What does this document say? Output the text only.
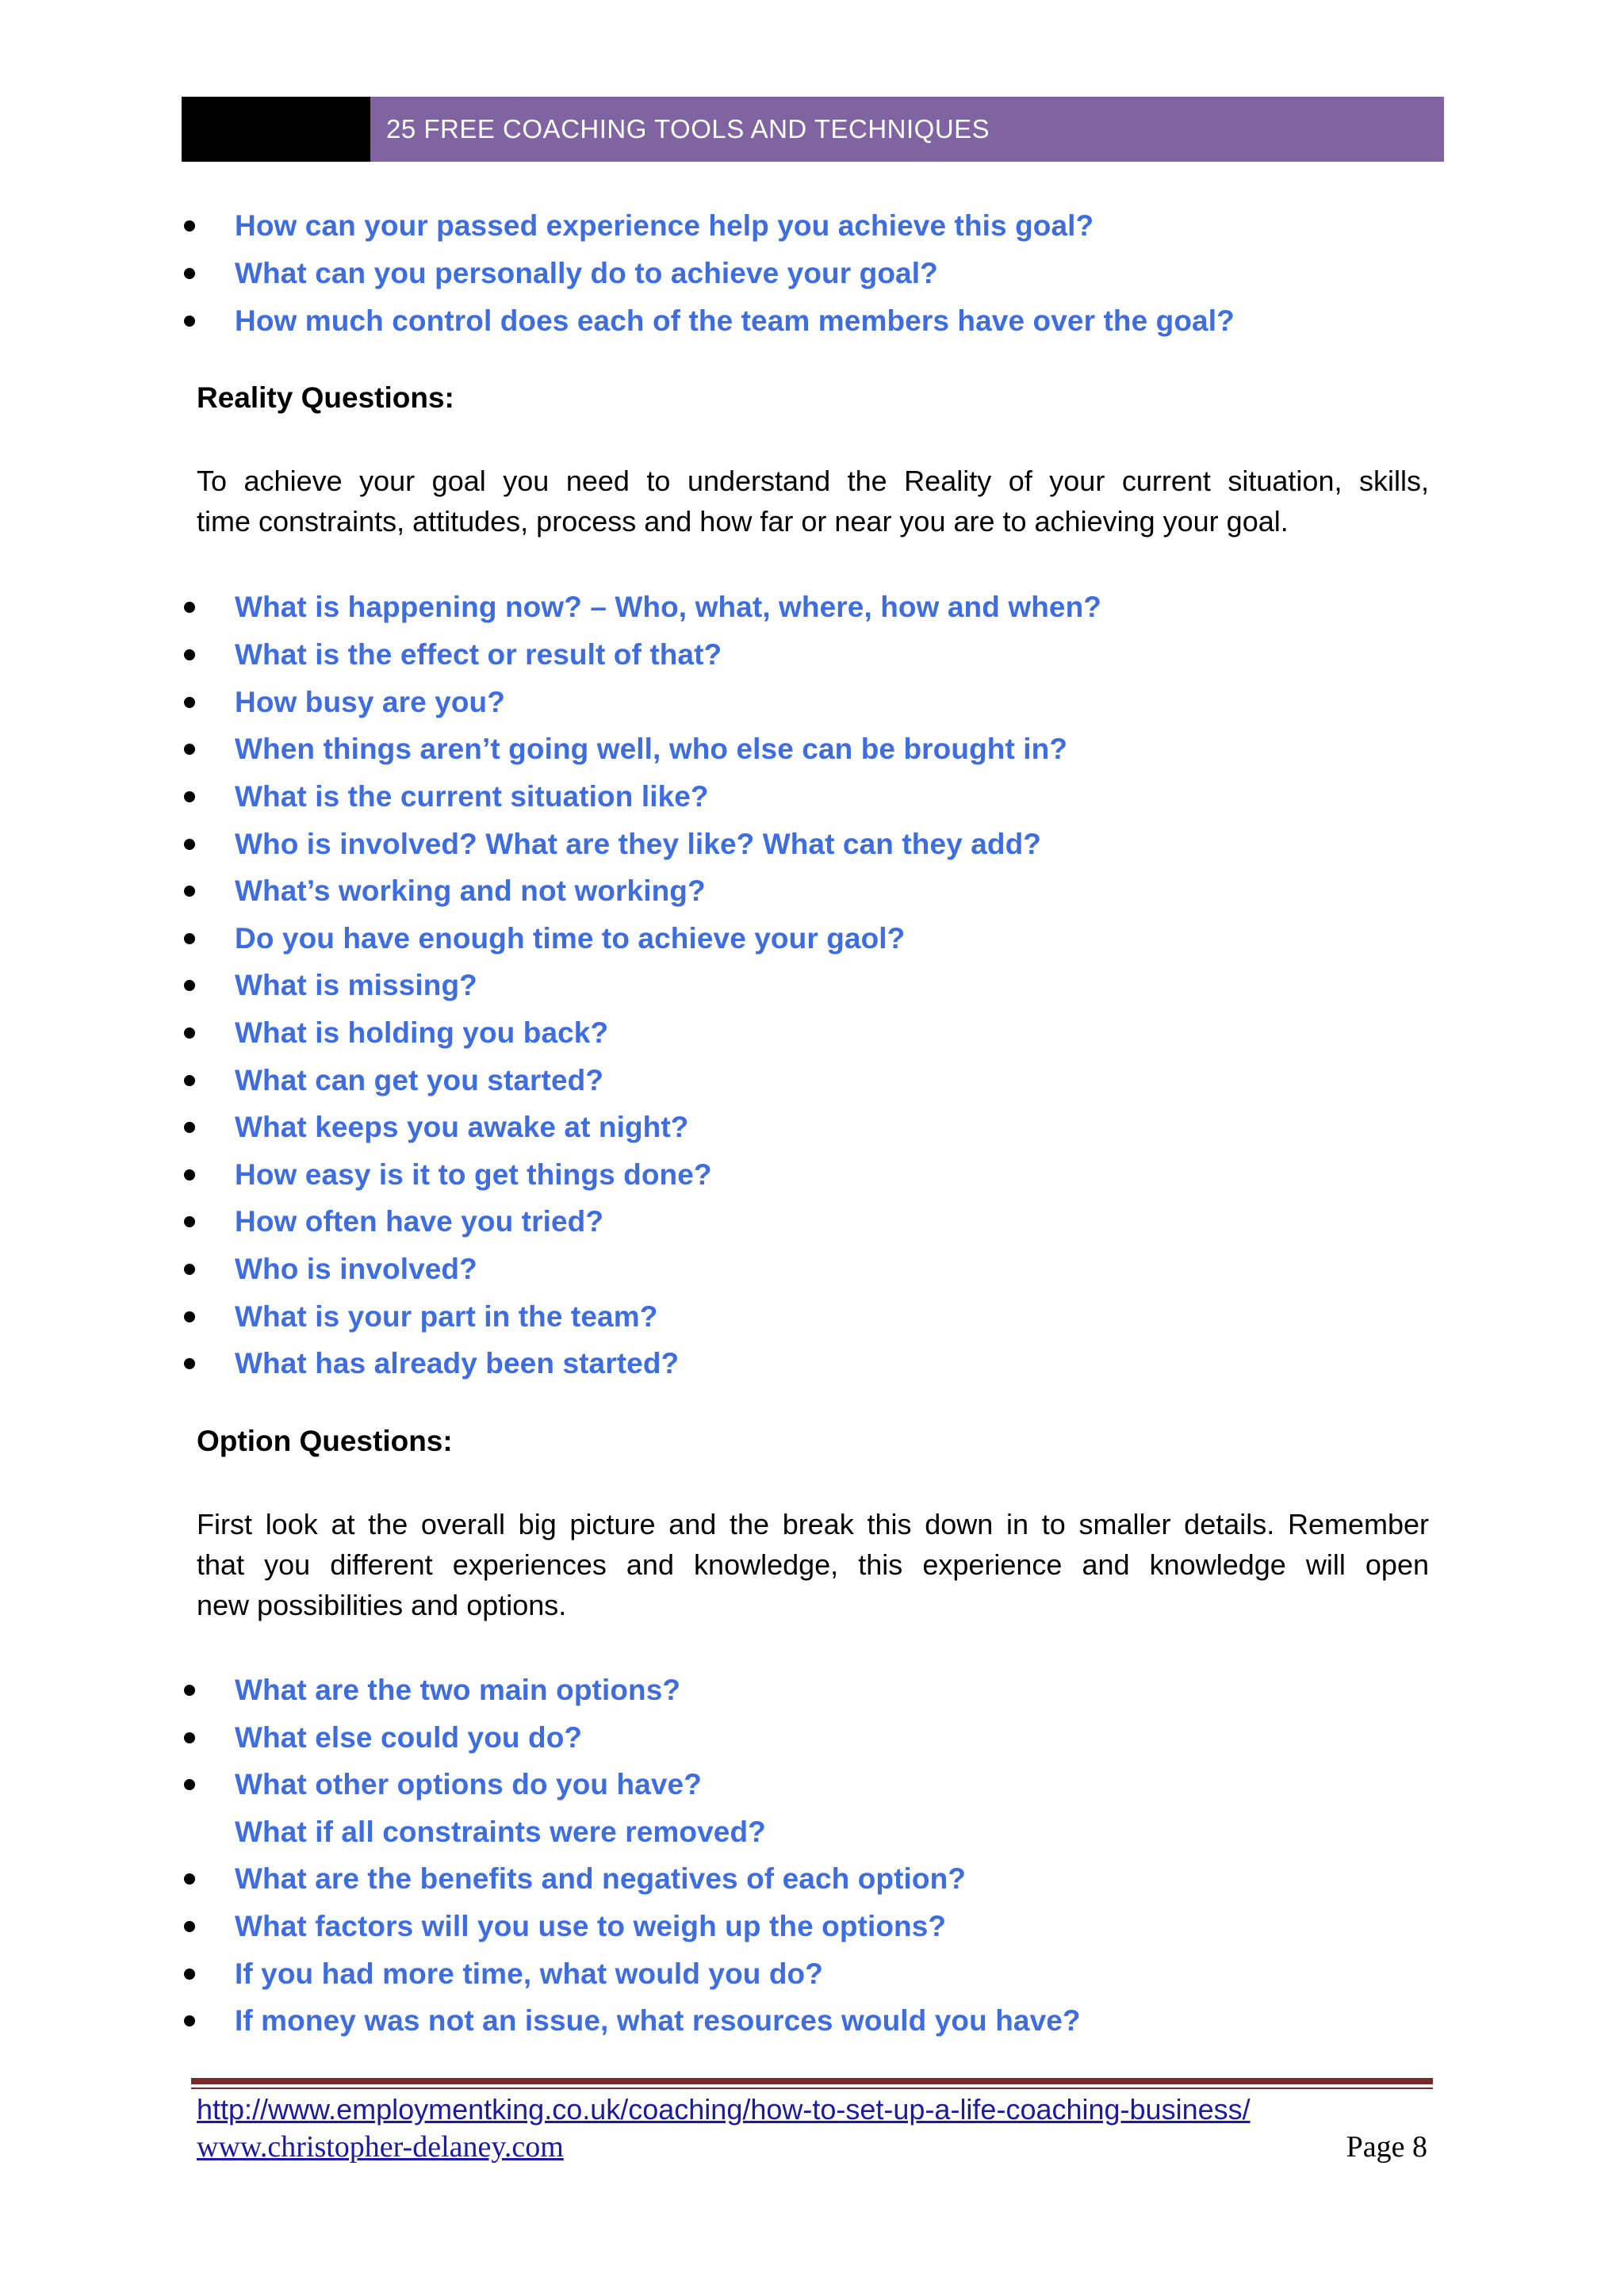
25 FREE COACHING TOOLS AND TECHNIQUES
How can your passed experience help you achieve this goal?
What can you personally do to achieve your goal?
How much control does each of the team members have over the goal?
Reality Questions:

To achieve your goal you need to understand the Reality of your current situation, skills,

time constraints, attitudes, process and how far or near you are to achieving your goal.

What is happening now? – Who, what, where, how and when?
What is the effect or result of that?
How busy are you?
When things aren’t going well, who else can be brought in?
What is the current situation like?
Who is involved? What are they like? What can they add?
What’s working and not working?
Do you have enough time to achieve your gaol?
What is missing?
What is holding you back?
What can get you started?
What keeps you awake at night?
How easy is it to get things done?
How often have you tried?
Who is involved?
What is your part in the team?
What has already been started?
Option Questions:

First look at the overall big picture and the break this down in to smaller details. Remember

that you different experiences and knowledge, this experience and knowledge will open

new possibilities and options.

What are the two main options?
What else could you do?
What other options do you have?
What if all constraints were removed?
What are the benefits and negatives of each option?
What factors will you use to weigh up the options?
If you had more time, what would you do?
If money was not an issue, what resources would you have?
http://www.employmentking.co.uk/coaching/how-to-set-up-a-life-coaching-business/
www.christopher-delaney.com	Page 8
